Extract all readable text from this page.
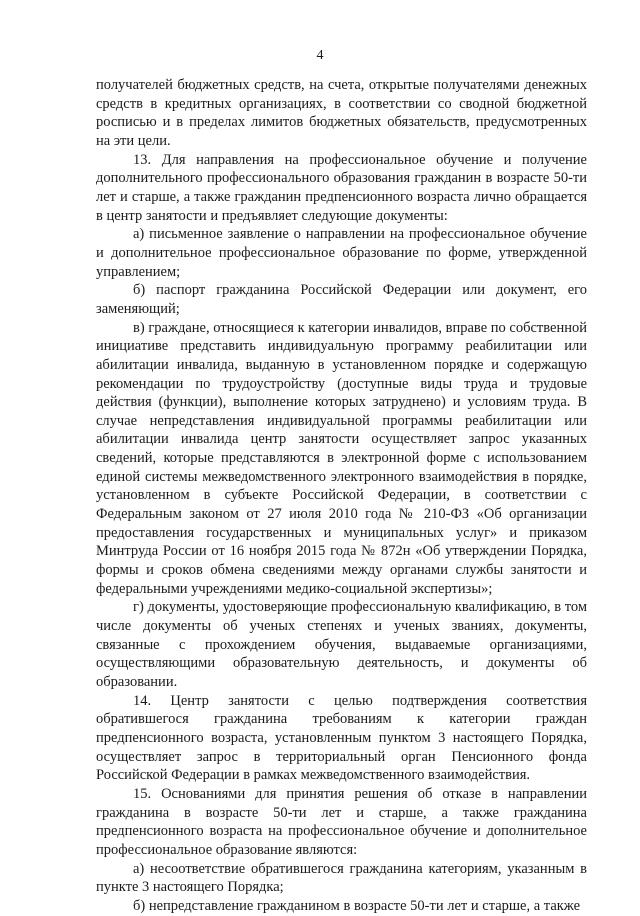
4

получателей бюджетных средств, на счета, открытые получателями денежных средств в кредитных организациях, в соответствии со сводной бюджетной росписью и в пределах лимитов бюджетных обязательств, предусмотренных на эти цели.

13. Для направления на профессиональное обучение и получение дополнительного профессионального образования гражданин в возрасте 50-ти лет и старше, а также гражданин предпенсионного возраста лично обращается в центр занятости и предъявляет следующие документы:

а) письменное заявление о направлении на профессиональное обучение и дополнительное профессиональное образование по форме, утвержденной управлением;

б) паспорт гражданина Российской Федерации или документ, его заменяющий;

в) граждане, относящиеся к категории инвалидов, вправе по собственной инициативе представить индивидуальную программу реабилитации или абилитации инвалида, выданную в установленном порядке и содержащую рекомендации по трудоустройству (доступные виды труда и трудовые действия (функции), выполнение которых затруднено) и условиям труда. В случае непредставления индивидуальной программы реабилитации или абилитации инвалида центр занятости осуществляет запрос указанных сведений, которые представляются в электронной форме с использованием единой системы межведомственного электронного взаимодействия в порядке, установленном в субъекте Российской Федерации, в соответствии с Федеральным законом от 27 июля 2010 года № 210-ФЗ «Об организации предоставления государственных и муниципальных услуг» и приказом Минтруда России от 16 ноября 2015 года № 872н «Об утверждении Порядка, формы и сроков обмена сведениями между органами службы занятости и федеральными учреждениями медико-социальной экспертизы»;

г) документы, удостоверяющие профессиональную квалификацию, в том числе документы об ученых степенях и ученых званиях, документы, связанные с прохождением обучения, выдаваемые организациями, осуществляющими образовательную деятельность, и документы об образовании.

14. Центр занятости с целью подтверждения соответствия обратившегося гражданина требованиям к категории граждан предпенсионного возраста, установленным пунктом 3 настоящего Порядка, осуществляет запрос в территориальный орган Пенсионного фонда Российской Федерации в рамках межведомственного взаимодействия.

15. Основаниями для принятия решения об отказе в направлении гражданина в возрасте 50-ти лет и старше, а также гражданина предпенсионного возраста на профессиональное обучение и дополнительное профессиональное образование являются:

а) несоответствие обратившегося гражданина категориям, указанным в пункте 3 настоящего Порядка;

б) непредставление гражданином в возрасте 50-ти лет и старше, а также
